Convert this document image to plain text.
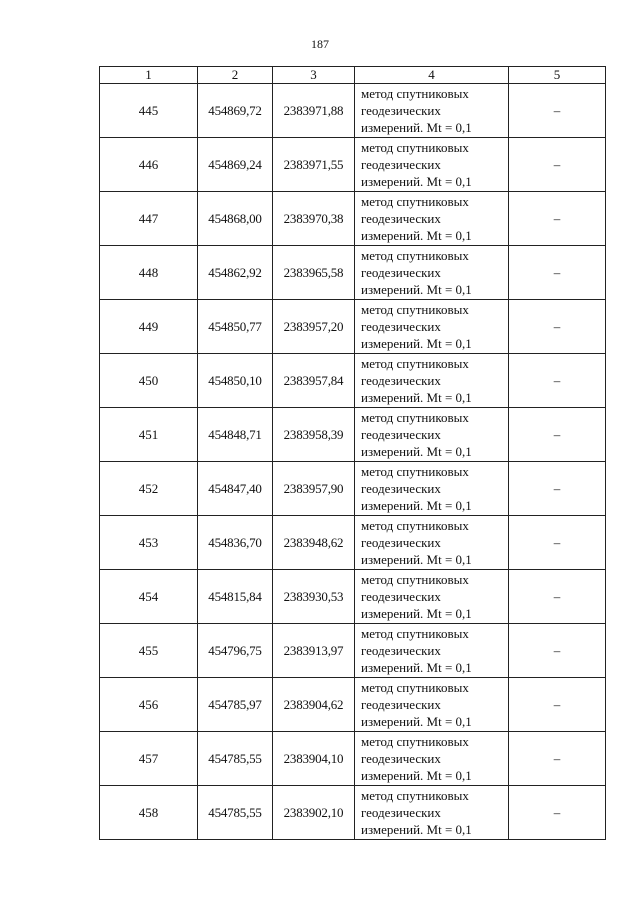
187
1	2	3	4	5
445	454869,72	2383971,88	метод спутниковых
геодезических
измерений. Mt = 0,1	–
446	454869,24	2383971,55	метод спутниковых
геодезических
измерений. Mt = 0,1	–
447	454868,00	2383970,38	метод спутниковых
геодезических
измерений. Mt = 0,1	–
448	454862,92	2383965,58	метод спутниковых
геодезических
измерений. Mt = 0,1	–
449	454850,77	2383957,20	метод спутниковых
геодезических
измерений. Mt = 0,1	–
450	454850,10	2383957,84	метод спутниковых
геодезических
измерений. Mt = 0,1	–
451	454848,71	2383958,39	метод спутниковых
геодезических
измерений. Mt = 0,1	–
452	454847,40	2383957,90	метод спутниковых
геодезических
измерений. Mt = 0,1	–
453	454836,70	2383948,62	метод спутниковых
геодезических
измерений. Mt = 0,1	–
454	454815,84	2383930,53	метод спутниковых
геодезических
измерений. Mt = 0,1	–
455	454796,75	2383913,97	метод спутниковых
геодезических
измерений. Mt = 0,1	–
456	454785,97	2383904,62	метод спутниковых
геодезических
измерений. Mt = 0,1	–
457	454785,55	2383904,10	метод спутниковых
геодезических
измерений. Mt = 0,1	–
458	454785,55	2383902,10	метод спутниковых
геодезических
измерений. Mt = 0,1	–
